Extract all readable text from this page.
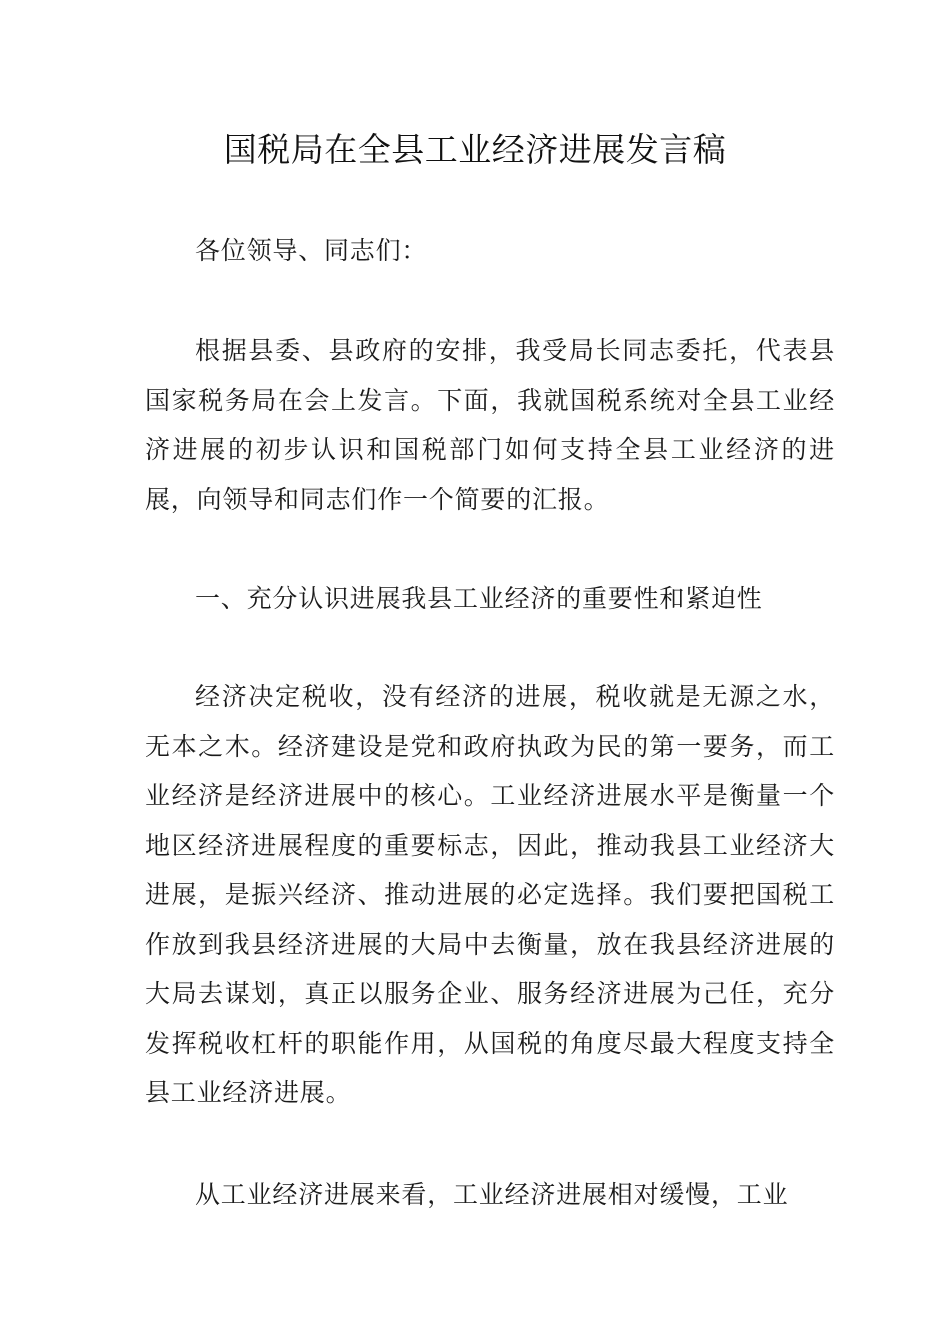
国税局在全县工业经济进展发言稿

各位领导、同志们：

根据县委、县政府的安排，我受局长同志委托，代表县国家税务局在会上发言。下面，我就国税系统对全县工业经济进展的初步认识和国税部门如何支持全县工业经济的进展，向领导和同志们作一个简要的汇报。

一、充分认识进展我县工业经济的重要性和紧迫性

经济决定税收，没有经济的进展，税收就是无源之水，无本之木。经济建设是党和政府执政为民的第一要务，而工业经济是经济进展中的核心。工业经济进展水平是衡量一个地区经济进展程度的重要标志，因此，推动我县工业经济大进展，是振兴经济、推动进展的必定选择。我们要把国税工作放到我县经济进展的大局中去衡量，放在我县经济进展的大局去谋划，真正以服务企业、服务经济进展为己任，充分发挥税收杠杆的职能作用，从国税的角度尽最大程度支持全县工业经济进展。

从工业经济进展来看，工业经济进展相对缓慢，工业
